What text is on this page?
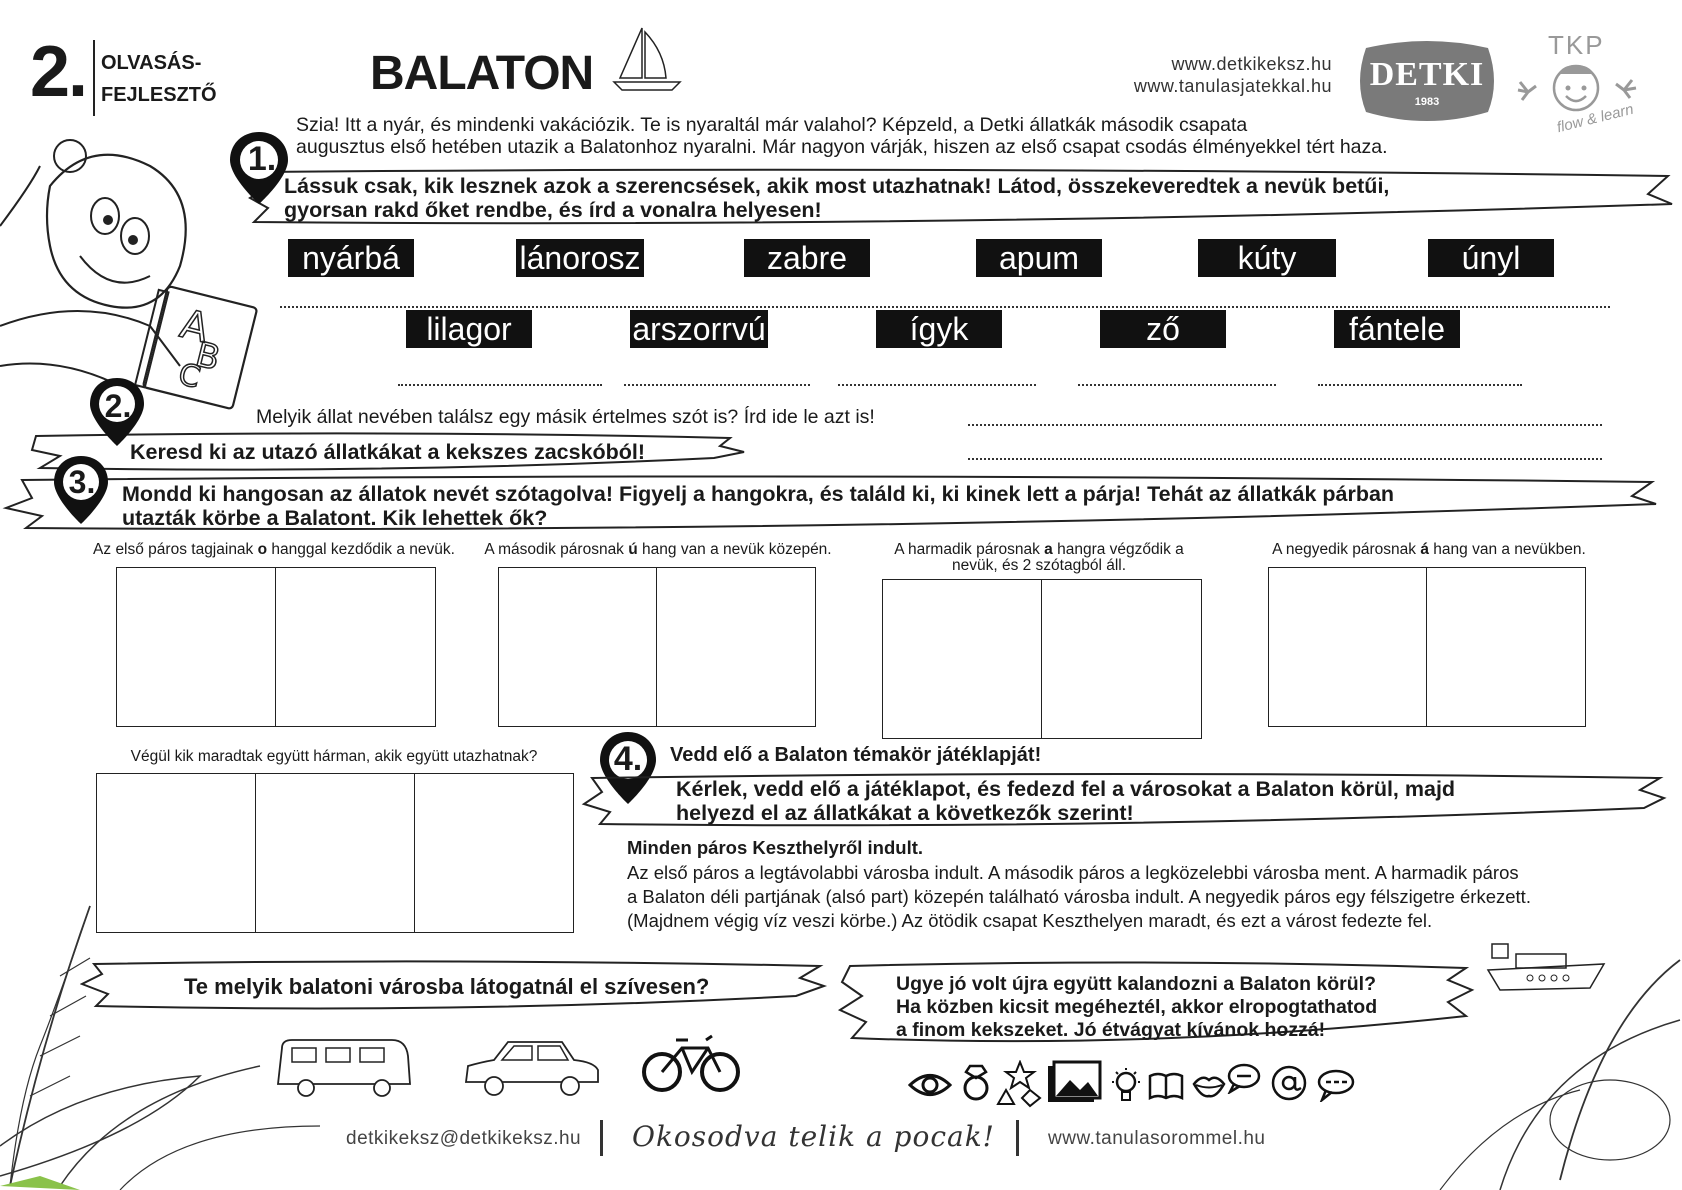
2. OLVASÁS-
FEJLESZTŐ	BALATON	www.detkikeksz.hu
www.tanulasjatekkal.hu	DETKI
1983
TKP
flow & learn
A
B
C
Szia! Itt a nyár, és mindenki vakációzik. Te is nyaraltál már valahol? Képzeld, a Detki állatkák második csapata
augusztus első hetében utazik a Balatonhoz nyaralni. Már nagyon várják, hiszen az első csapat csodás élményekkel tért haza.
1.
Lássuk csak, kik lesznek azok a szerencsések, akik most utazhatnak! Látod, összekeveredtek a nevük betűi,
gyorsan rakd őket rendbe, és írd a vonalra helyesen!
nyárbá	lánorosz	zabre	apum	kúty	únyl
lilagor	arszorrvú	ígyk	ző	fántele
Melyik állat nevében találsz egy másik értelmes szót is? Írd ide le azt is!
2.
Keresd ki az utazó állatkákat a kekszes zacskóból!
3.	Mondd ki hangosan az állatok nevét szótagolva! Figyelj a hangokra, és találd ki, ki kinek lett a párja! Tehát az állatkák párban
utazták körbe a Balatont. Kik lehettek ők?
Az első páros tagjainak o hanggal kezdődik a nevük.	A második párosnak ú hang van a nevük közepén.	A harmadik párosnak a hangra végződik a
nevük, és 2 szótagból áll.
A negyedik párosnak á hang van a nevükben.
Végül kik maradtak együtt hárman, akik együtt utazhatnak?	4.	Vedd elő a Balaton témakör játéklapját!
Kérlek, vedd elő a játéklapot, és fedezd fel a városokat a Balaton körül, majd
helyezd el az állatkákat a következők szerint!
Minden páros Keszthelyről indult.
Az első páros a legtávolabbi városba indult. A második páros a legközelebbi városba ment. A harmadik páros
a Balaton déli partjának (alsó part) közepén található városba indult. A negyedik páros egy félszigetre érkezett.
(Majdnem végig víz veszi körbe.) Az ötödik csapat Keszthelyen maradt, és ezt a várost fedezte fel.
Te melyik balatoni városba látogatnál el szívesen?	Ugye jó volt újra együtt kalandozni a Balaton körül?
Ha közben kicsit megéheztél, akkor elropogtathatod
a finom kekszeket. Jó étvágyat kívánok hozzá!
detkikeksz@detkikeksz.hu Okosodva telik a pocak!	www.tanulasorommel.hu
